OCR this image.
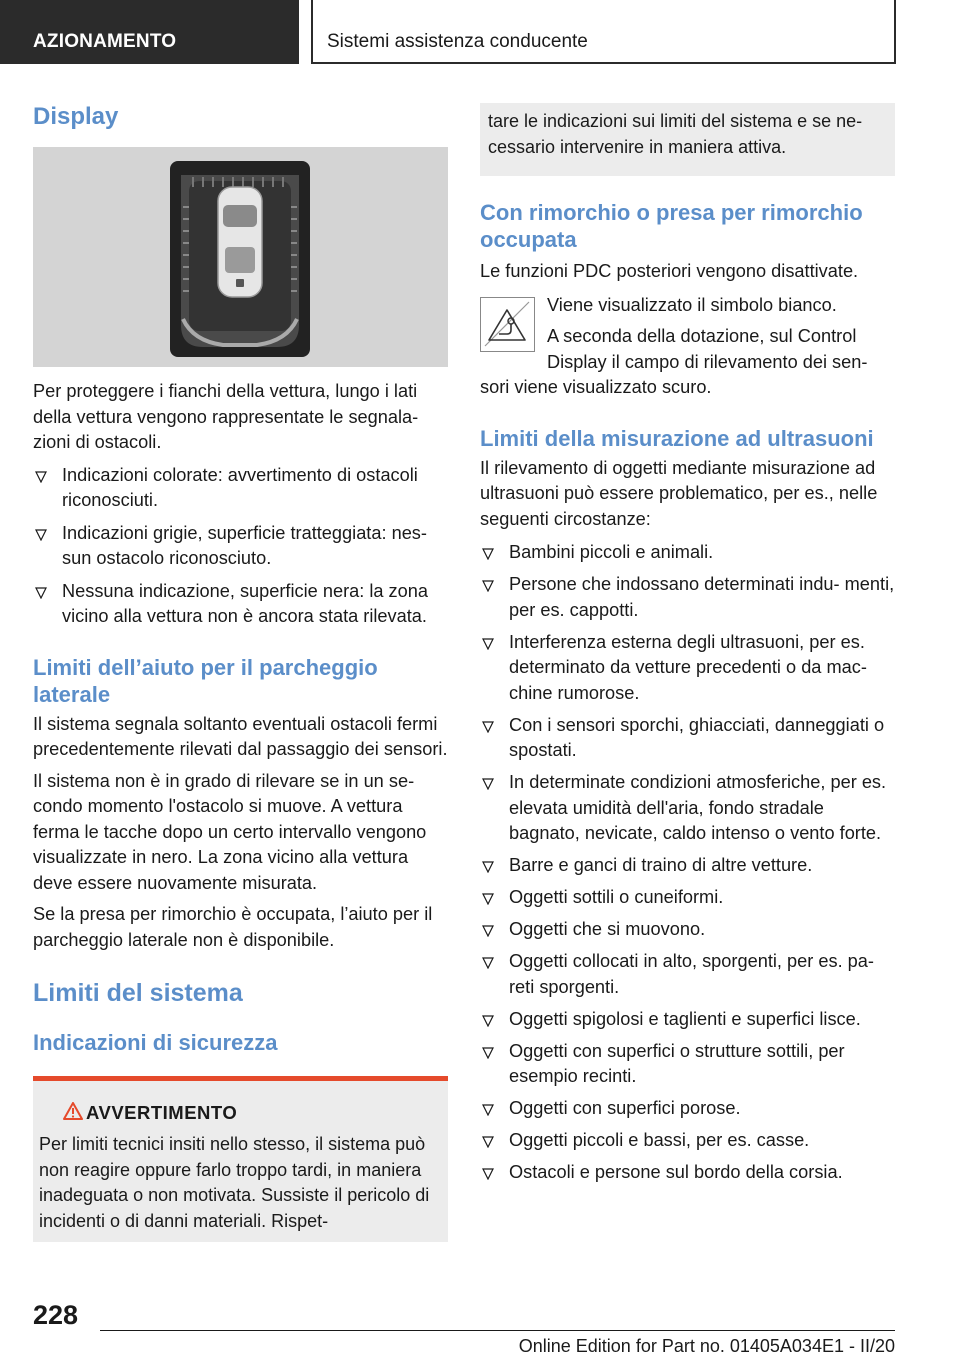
AZIONAMENTO	Sistemi assistenza conducente
Display

Per proteggere i fianchi della vettura, lungo i lati della vettura vengono rappresentate le segnala- zioni di ostacoli.

Indicazioni colorate: avvertimento di ostacoli riconosciuti.
Indicazioni grigie, superficie tratteggiata: nes- sun ostacolo riconosciuto.
Nessuna indicazione, superficie nera: la zona vicino alla vettura non è ancora stata rilevata.
Limiti dell’aiuto per il parcheggio laterale

Il sistema segnala soltanto eventuali ostacoli fermi precedentemente rilevati dal passaggio dei sensori.

Il sistema non è in grado di rilevare se in un se- condo momento l'ostacolo si muove. A vettura ferma le tacche dopo un certo intervallo vengono visualizzate in nero. La zona vicino alla vettura deve essere nuovamente misurata.

Se la presa per rimorchio è occupata, l’aiuto per il parcheggio laterale non è disponibile.

Limiti del sistema
Indicazioni di sicurezza
AVVERTIMENTO

Per limiti tecnici insiti nello stesso, il sistema può non reagire oppure farlo troppo tardi, in maniera inadeguata o non motivata. Sussiste il pericolo di incidenti o di danni materiali. Rispet-

tare le indicazioni sui limiti del sistema e se ne- cessario intervenire in maniera attiva.

Con rimorchio o presa per rimorchio occupata

Le funzioni PDC posteriori vengono disattivate.

Viene visualizzato il simbolo bianco.

A seconda della dotazione, sul Control Display il campo di rilevamento dei sen-

sori viene visualizzato scuro.

Limiti della misurazione ad ultrasuoni

Il rilevamento di oggetti mediante misurazione ad ultrasuoni può essere problematico, per es., nelle seguenti circostanze:

Bambini piccoli e animali.
Persone che indossano determinati indu- menti, per es. cappotti.
Interferenza esterna degli ultrasuoni, per es. determinato da vetture precedenti o da mac- chine rumorose.
Con i sensori sporchi, ghiacciati, danneggiati o spostati.
In determinate condizioni atmosferiche, per es. elevata umidità dell'aria, fondo stradale bagnato, nevicate, caldo intenso o vento forte.
Barre e ganci di traino di altre vetture.
Oggetti sottili o cuneiformi.
Oggetti che si muovono.
Oggetti collocati in alto, sporgenti, per es. pa- reti sporgenti.
Oggetti spigolosi e taglienti e superfici lisce.
Oggetti con superfici o strutture sottili, per esempio recinti.
Oggetti con superfici porose.
Oggetti piccoli e bassi, per es. casse.
Ostacoli e persone sul bordo della corsia.
228
Online Edition for Part no. 01405A034E1 - II/20
